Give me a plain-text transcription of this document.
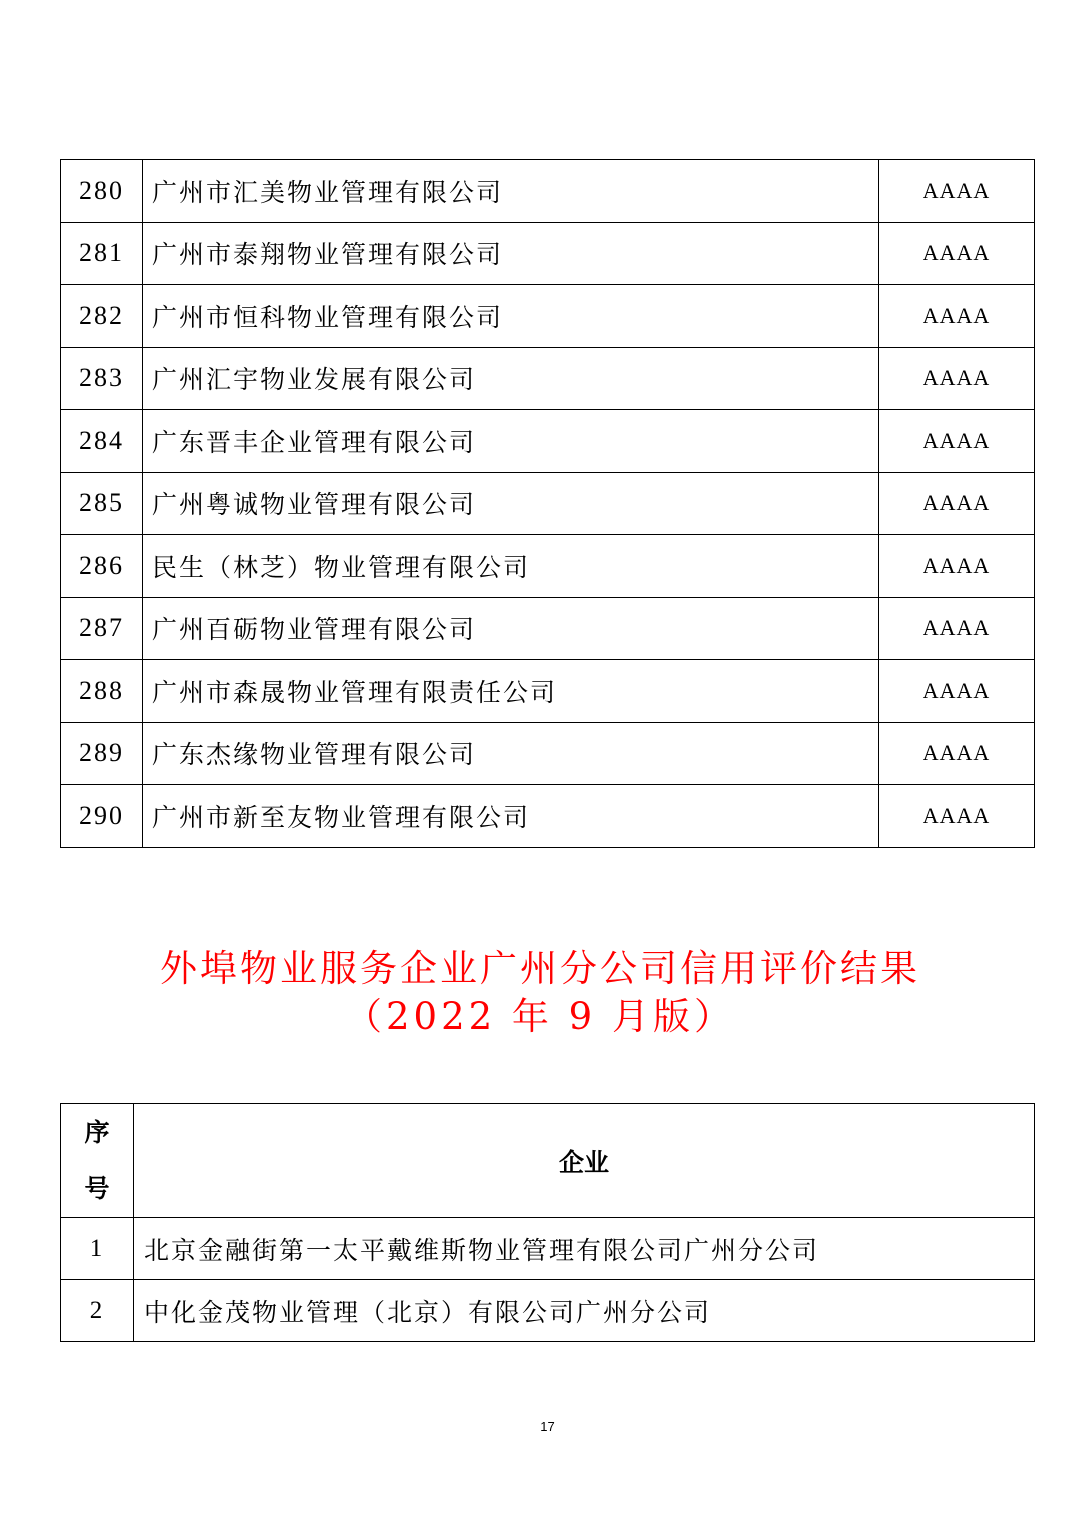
280	广州市汇美物业管理有限公司	AAAA
281	广州市泰翔物业管理有限公司	AAAA
282	广州市恒科物业管理有限公司	AAAA
283	广州汇宇物业发展有限公司	AAAA
284	广东晋丰企业管理有限公司	AAAA
285	广州粤诚物业管理有限公司	AAAA
286	民生（林芝）物业管理有限公司	AAAA
287	广州百砺物业管理有限公司	AAAA
288	广州市森晟物业管理有限责任公司	AAAA
289	广东杰缘物业管理有限公司	AAAA
290	广州市新至友物业管理有限公司	AAAA
外埠物业服务企业广州分公司信用评价结果
（2022 年 9 月版）
序
号	企业
1	北京金融街第一太平戴维斯物业管理有限公司广州分公司
2	中化金茂物业管理（北京）有限公司广州分公司
17
